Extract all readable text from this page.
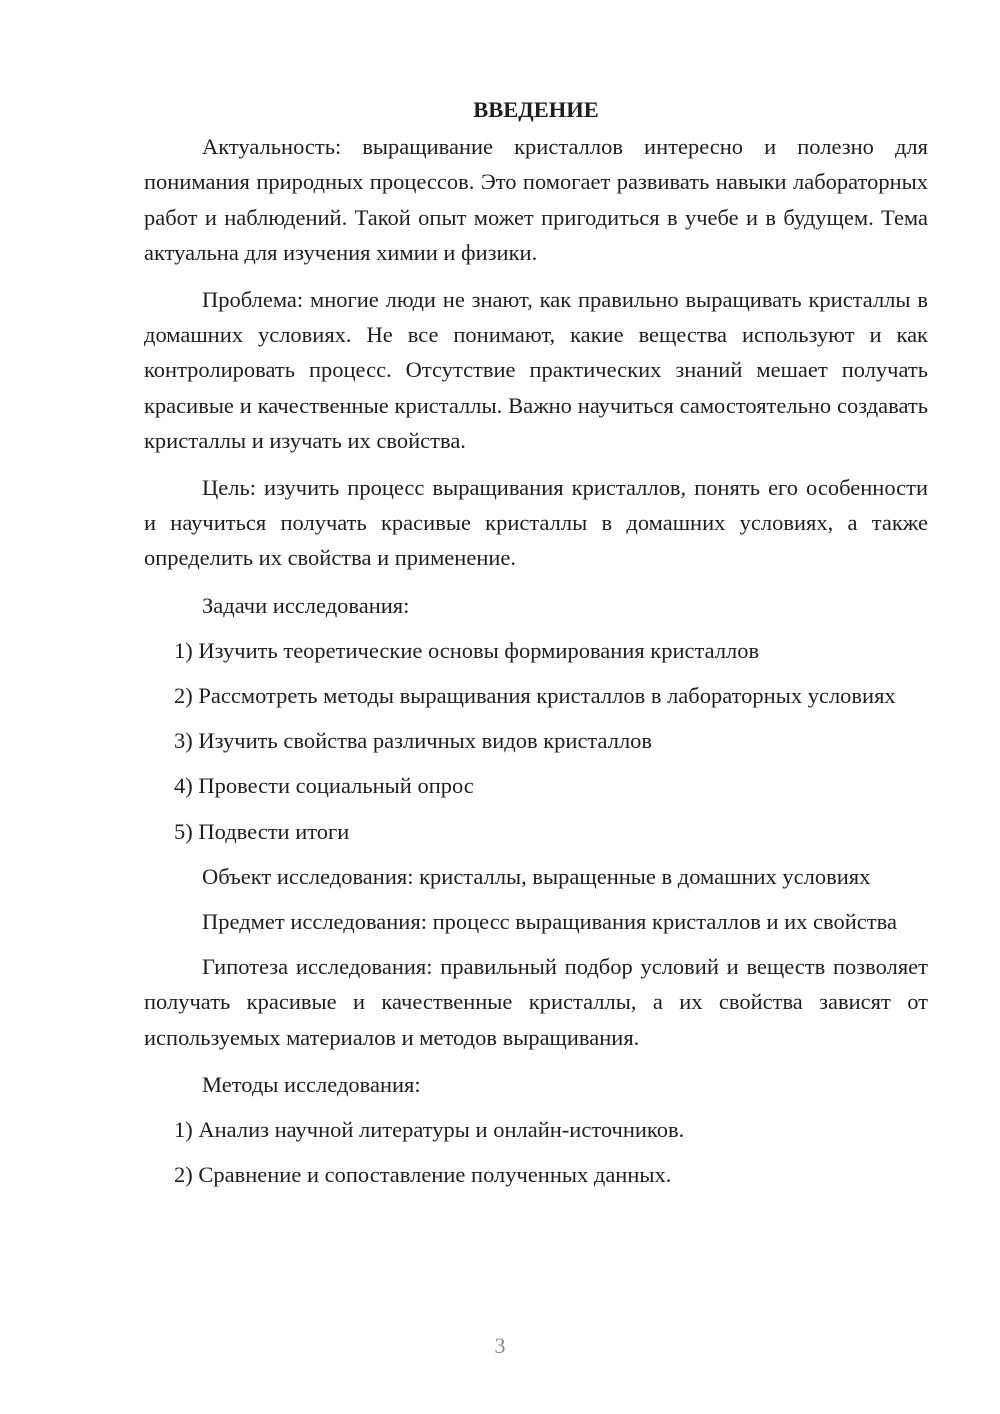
ВВЕДЕНИЕ

Актуальность: выращивание кристаллов интересно и полезно для понимания природных процессов. Это помогает развивать навыки лабораторных работ и наблюдений. Такой опыт может пригодиться в учебе и в будущем. Тема актуальна для изучения химии и физики.

Проблема: многие люди не знают, как правильно выращивать кристаллы в домашних условиях. Не все понимают, какие вещества используют и как контролировать процесс. Отсутствие практических знаний мешает получать красивые и качественные кристаллы. Важно научиться самостоятельно создавать кристаллы и изучать их свойства.

Цель: изучить процесс выращивания кристаллов, понять его особенности и научиться получать красивые кристаллы в домашних условиях, а также определить их свойства и применение.

Задачи исследования:

1) Изучить теоретические основы формирования кристаллов

2) Рассмотреть методы выращивания кристаллов в лабораторных условиях

3) Изучить свойства различных видов кристаллов

4) Провести социальный опрос

5) Подвести итоги

Объект исследования: кристаллы, выращенные в домашних условиях

Предмет исследования: процесс выращивания кристаллов и их свойства

Гипотеза исследования: правильный подбор условий и веществ позволяет получать красивые и качественные кристаллы, а их свойства зависят от используемых материалов и методов выращивания.

Методы исследования:

1) Анализ научной литературы и онлайн-источников.

2) Сравнение и сопоставление полученных данных.

3
